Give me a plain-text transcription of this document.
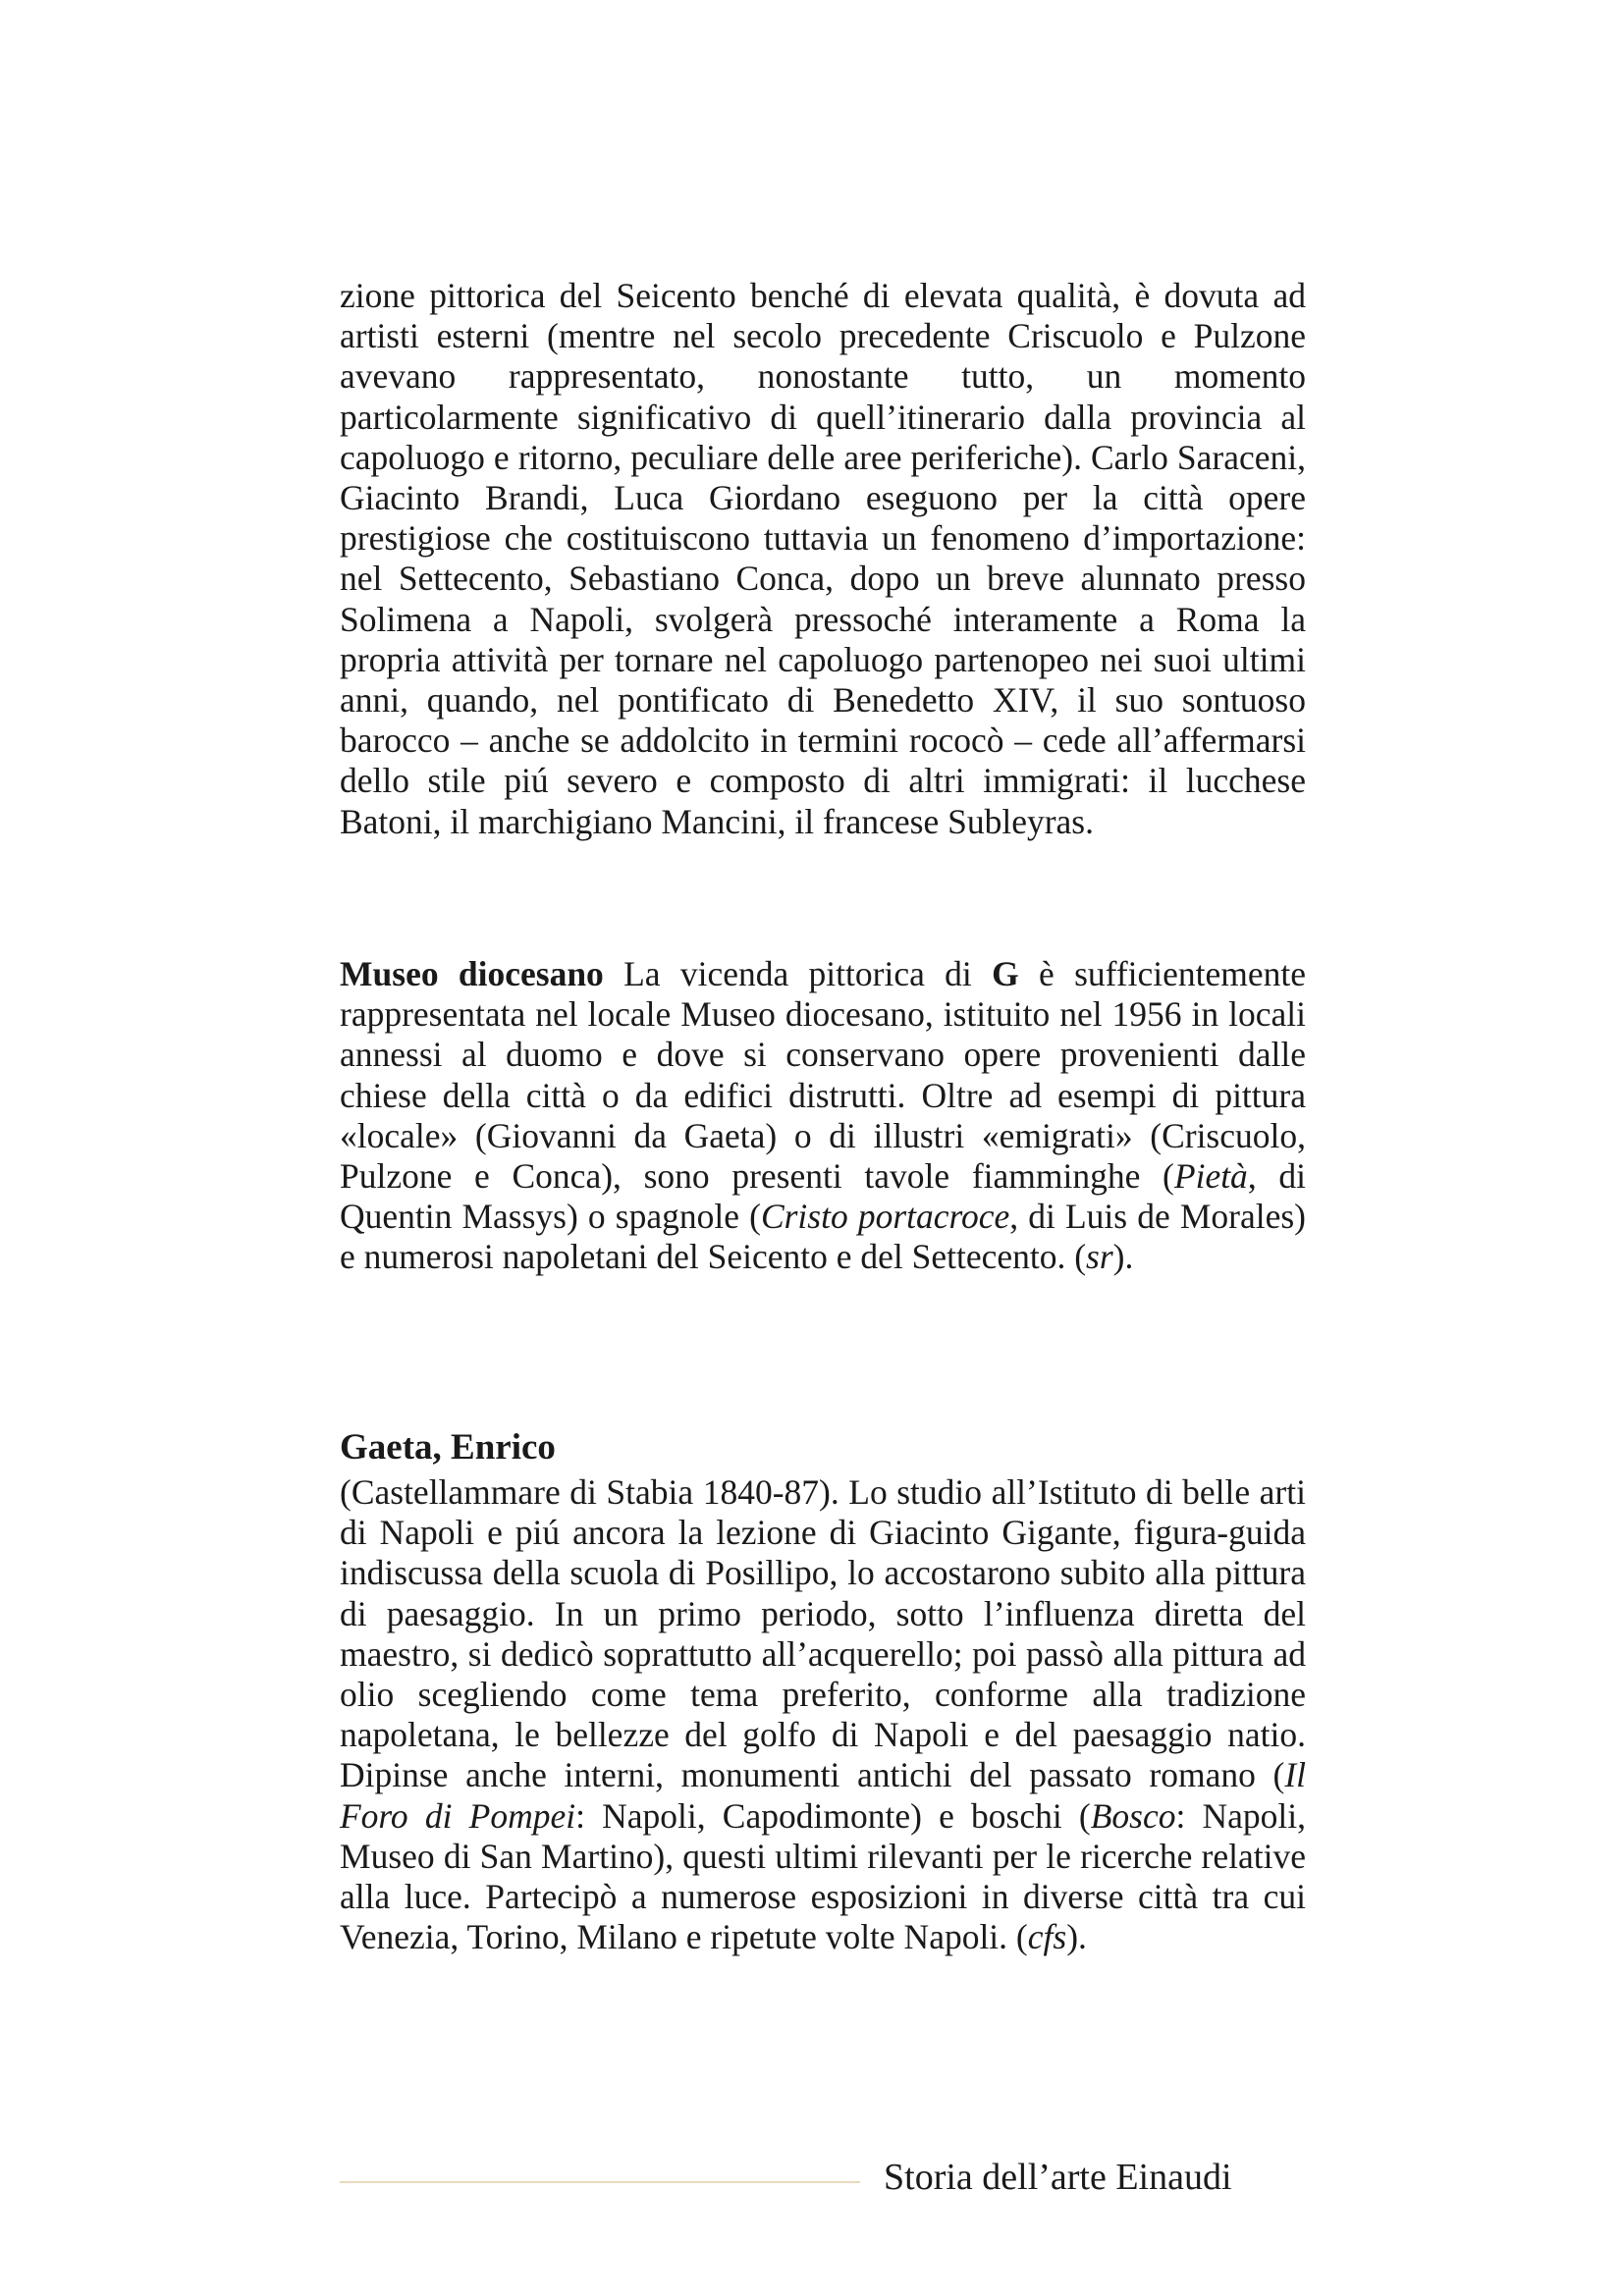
zione pittorica del Seicento benché di elevata qualità, è dovuta ad artisti esterni (mentre nel secolo precedente Criscuolo e Pulzone avevano rappresentato, nonostante tutto, un momento particolarmente significativo di quell’itinerario dalla provincia al capoluogo e ritorno, peculiare delle aree periferiche). Carlo Saraceni, Giacinto Brandi, Luca Giordano eseguono per la città opere prestigiose che costituiscono tuttavia un fenomeno d’importazione: nel Settecento, Sebastiano Conca, dopo un breve alunnato presso Solimena a Napoli, svolgerà pressoché interamente a Roma la propria attività per tornare nel capoluogo partenopeo nei suoi ultimi anni, quando, nel pontificato di Benedetto XIV, il suo sontuoso barocco – anche se addolcito in termini rococò – cede all’affermarsi dello stile piú severo e composto di altri immigrati: il lucchese Batoni, il marchigiano Mancini, il francese Subleyras.

Museo diocesano La vicenda pittorica di G è sufficientemente rappresentata nel locale Museo diocesano, istituito nel 1956 in locali annessi al duomo e dove si conservano opere provenienti dalle chiese della città o da edifici distrutti. Oltre ad esempi di pittura «locale» (Giovanni da Gaeta) o di illustri «emigrati» (Criscuolo, Pulzone e Conca), sono presenti tavole fiamminghe (Pietà, di Quentin Massys) o spagnole (Cristo portacroce, di Luis de Morales) e numerosi napoletani del Seicento e del Settecento. (sr).

Gaeta, Enrico

(Castellammare di Stabia 1840-87). Lo studio all’Istituto di belle arti di Napoli e piú ancora la lezione di Giacinto Gigante, figura-guida indiscussa della scuola di Posillipo, lo accostarono subito alla pittura di paesaggio. In un primo periodo, sotto l’influenza diretta del maestro, si dedicò soprattutto all’acquerello; poi passò alla pittura ad olio scegliendo come tema preferito, conforme alla tradizione napoletana, le bellezze del golfo di Napoli e del paesaggio natio. Dipinse anche interni, monumenti antichi del passato romano (Il Foro di Pompei: Napoli, Capodimonte) e boschi (Bosco: Napoli, Museo di San Martino), questi ultimi rilevanti per le ricerche relative alla luce. Partecipò a numerose esposizioni in diverse città tra cui Venezia, Torino, Milano e ripetute volte Napoli. (cfs).

Storia dell’arte Einaudi
